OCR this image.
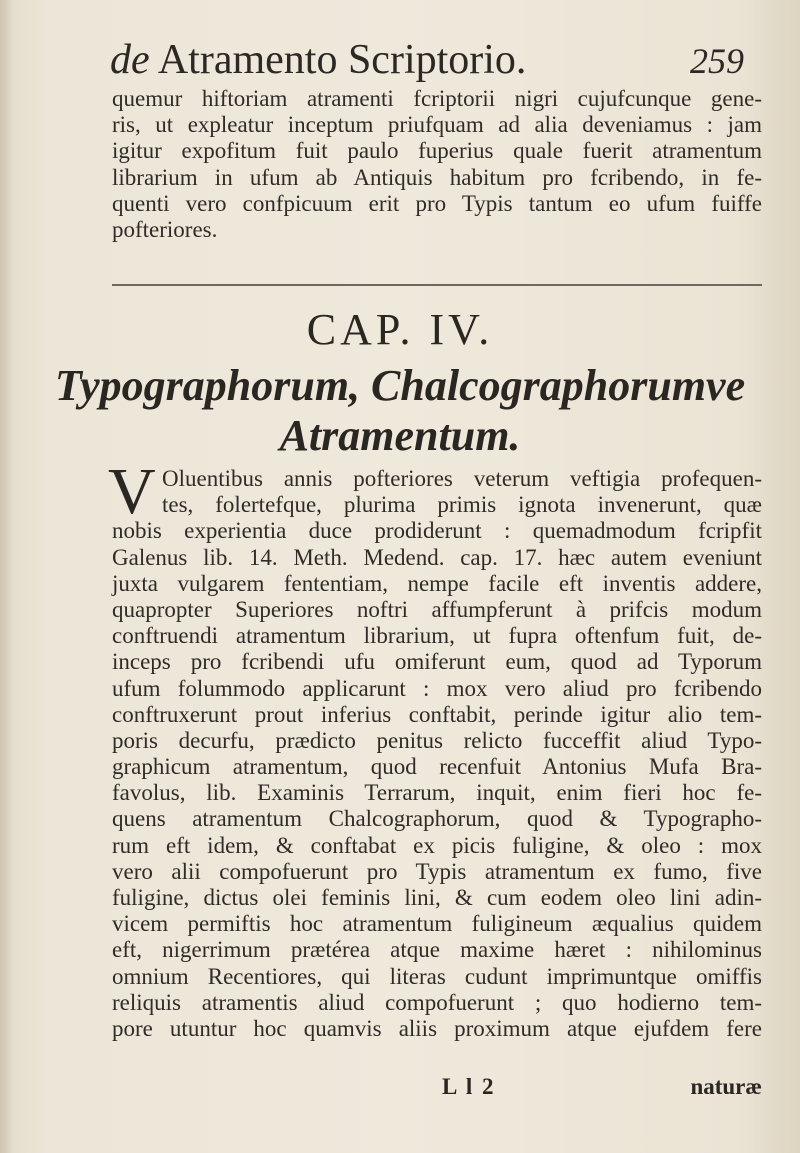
de Atramento Scriptorio.	259
quemur hiftoriam atramenti fcriptorii nigri cujufcunque gene-
ris, ut expleatur inceptum priufquam ad alia deveniamus : jam
igitur expofitum fuit paulo fuperius quale fuerit atramentum
librarium in ufum ab Antiquis habitum pro fcribendo, in fe-
quenti vero confpicuum erit pro Typis tantum eo ufum fuiffe
pofteriores.
CAP. IV.
Typographorum, Chalcographorumve
Atramentum.
V Oluentibus annis pofteriores veterum veftigia profequen-
tes, folertefque, plurima primis ignota invenerunt, quæ
nobis experientia duce prodiderunt : quemadmodum fcripfit
Galenus lib. 14. Meth. Medend. cap. 17. hæc autem eveniunt
juxta vulgarem fententiam, nempe facile eft inventis addere,
quapropter Superiores noftri affumpferunt à prifcis modum
conftruendi atramentum librarium, ut fupra oftenfum fuit, de-
inceps pro fcribendi ufu omiferunt eum, quod ad Typorum
ufum folummodo applicarunt : mox vero aliud pro fcribendo
conftruxerunt prout inferius conftabit, perinde igitur alio tem-
poris decurfu, prædicto penitus relicto fucceffit aliud Typo-
graphicum atramentum, quod recenfuit Antonius Mufa Bra-
favolus, lib. Examinis Terrarum, inquit, enim fieri hoc fe-
quens atramentum Chalcographorum, quod & Typographo-
rum eft idem, & conftabat ex picis fuligine, & oleo : mox
vero alii compofuerunt pro Typis atramentum ex fumo, five
fuligine, dictus olei feminis lini, & cum eodem oleo lini adin-
vicem permiftis hoc atramentum fuligineum æqualius quidem
eft, nigerrimum prætérea atque maxime hæret : nihilominus
omnium Recentiores, qui literas cudunt imprimuntque omiffis
reliquis atramentis aliud compofuerunt ; quo hodierno tem-
pore utuntur hoc quamvis aliis proximum atque ejufdem fere
L l 2	naturæ
